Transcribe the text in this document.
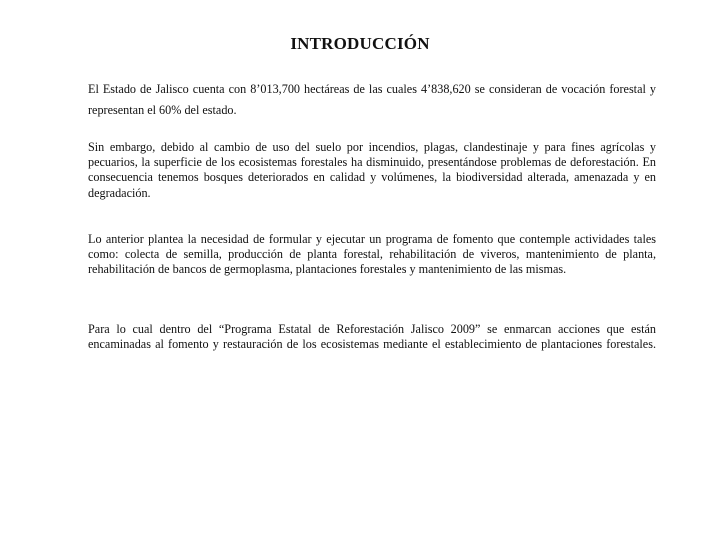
INTRODUCCIÓN
El Estado de Jalisco cuenta con 8’013,700 hectáreas de las cuales 4’838,620 se consideran de vocación forestal y representan el 60% del estado.
Sin embargo, debido al cambio de uso del suelo por incendios, plagas, clandestinaje y para fines agrícolas y pecuarios, la superficie de los ecosistemas forestales ha disminuido, presentándose problemas de deforestación. En consecuencia tenemos bosques deteriorados en calidad y volúmenes, la biodiversidad alterada, amenazada y en degradación.
Lo anterior plantea la necesidad de formular y ejecutar un programa de fomento que contemple actividades tales como: colecta de semilla, producción de planta forestal, rehabilitación de viveros, mantenimiento de planta, rehabilitación de bancos de germoplasma, plantaciones forestales y mantenimiento de las mismas.
Para lo cual dentro del “Programa Estatal de Reforestación Jalisco 2009” se enmarcan acciones que están encaminadas al fomento y restauración de los ecosistemas mediante el establecimiento de plantaciones forestales.
